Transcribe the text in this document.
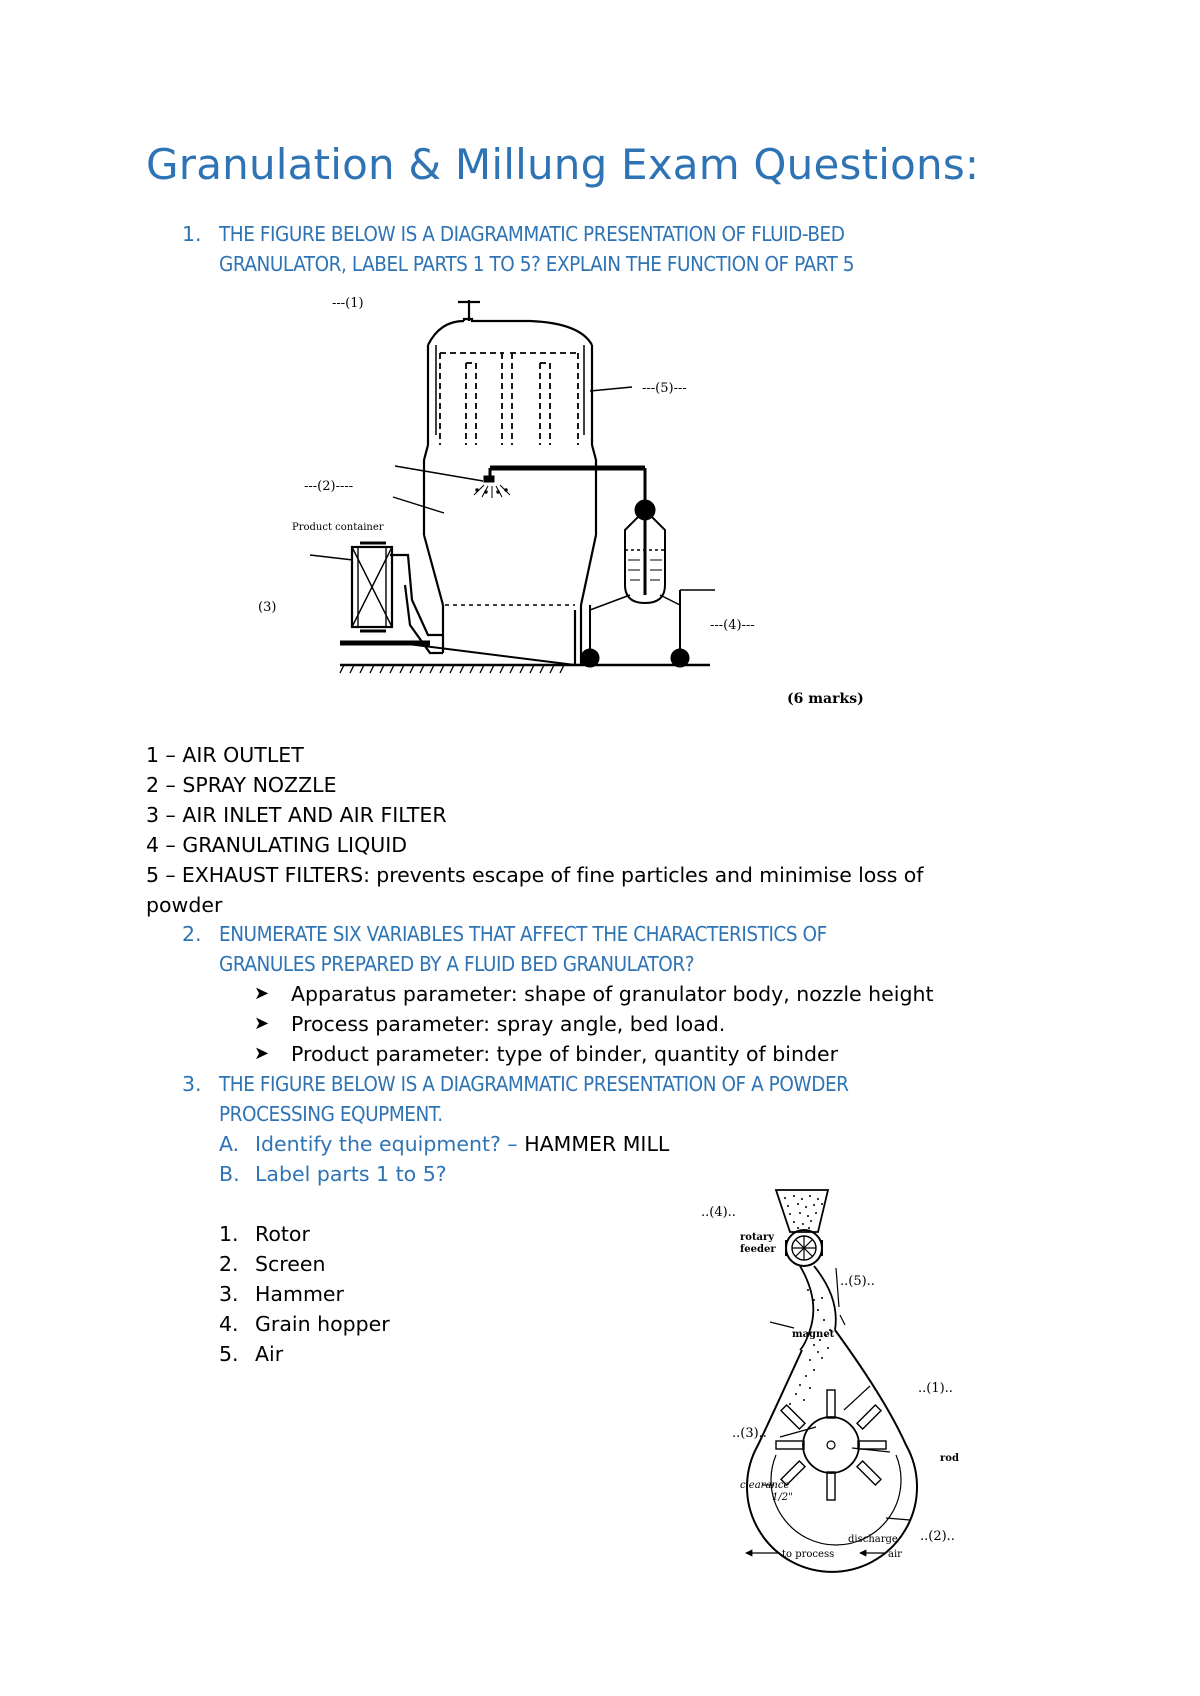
Granulation & Millung Exam Questions:
1. THE FIGURE BELOW IS A DIAGRAMMATIC PRESENTATION OF FLUID-BED
GRANULATOR, LABEL PARTS 1 TO 5? EXPLAIN THE FUNCTION OF PART 5
---(1)
---(5)---
---(2)----
Product container
(3)
---(4)---
(6 marks)
1 – AIR OUTLET
2 – SPRAY NOZZLE
3 – AIR INLET AND AIR FILTER
4 – GRANULATING LIQUID
5 – EXHAUST FILTERS: prevents escape of fine particles and minimise loss of
powder
2. ENUMERATE SIX VARIABLES THAT AFFECT THE CHARACTERISTICS OF
GRANULES PREPARED BY A FLUID BED GRANULATOR?
➤ Apparatus parameter: shape of granulator body, nozzle height
➤ Process parameter: spray angle, bed load.
➤ Product parameter: type of binder, quantity of binder
3. THE FIGURE BELOW IS A DIAGRAMMATIC PRESENTATION OF A POWDER
PROCESSING EQUPMENT.
A. Identify the equipment? – HAMMER MILL
B. Label parts 1 to 5?
1. Rotor
2. Screen
3. Hammer
4. Grain hopper
5. Air
..(4)..
rotary
feeder
..(5)..
magnet
..(1)..
..(3)..
rod
clearance
1/2"
discharge ..(2)..
to process	air
